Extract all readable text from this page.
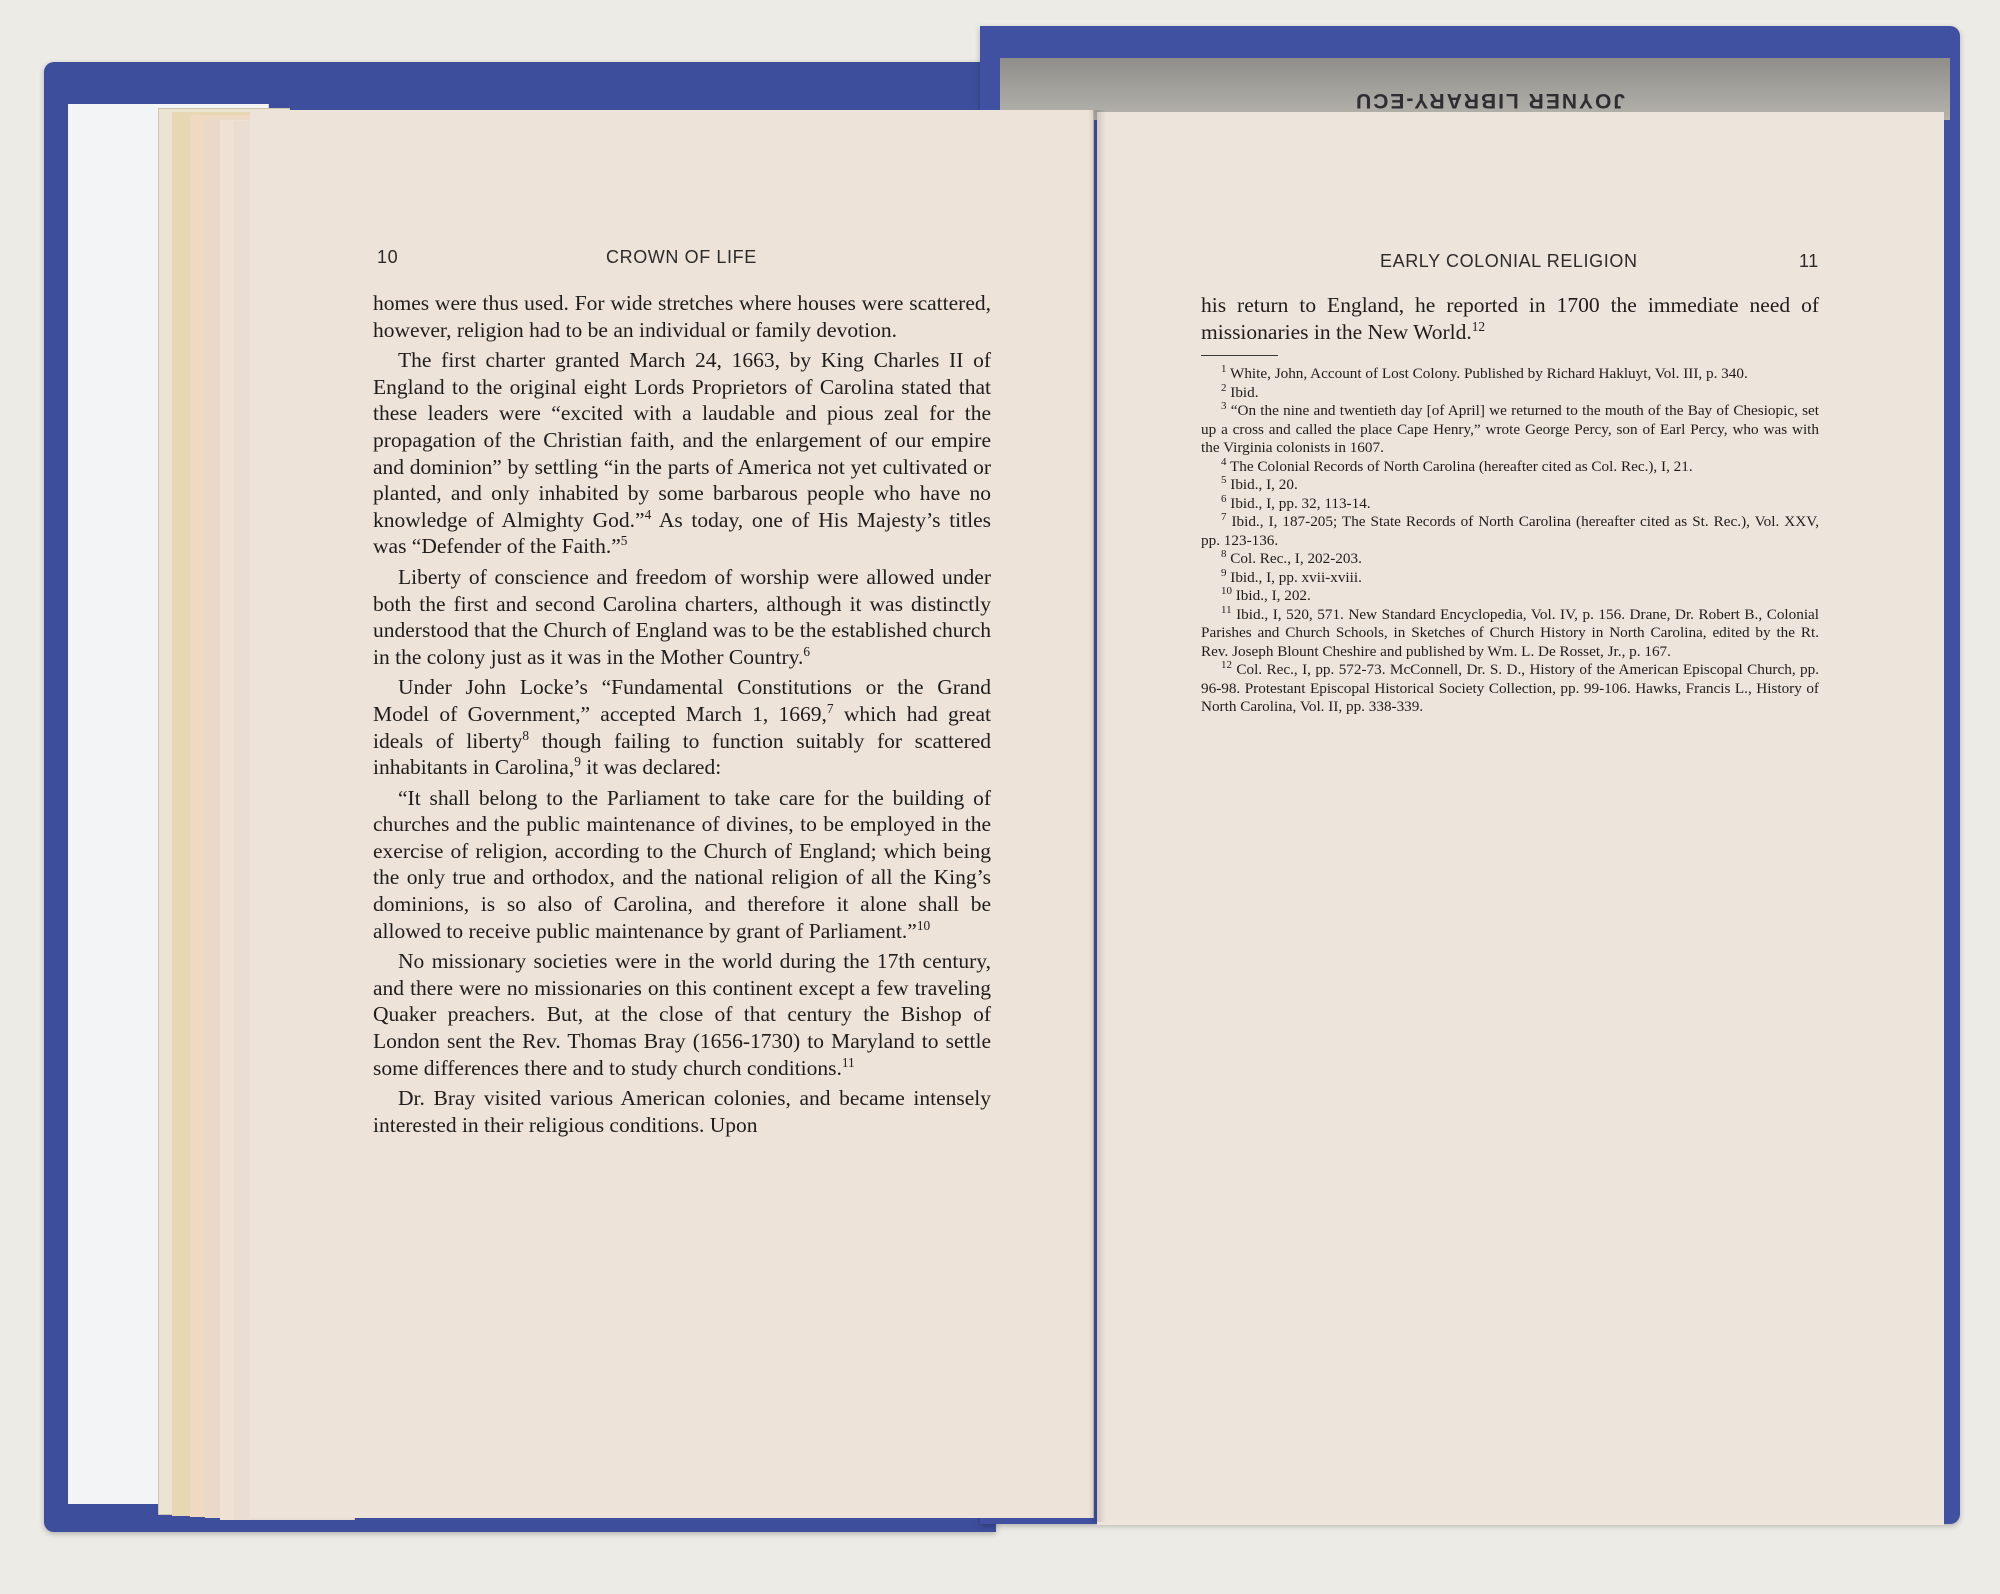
JOYNER LIBRARY-ECU
10	CROWN OF LIFE

homes were thus used. For wide stretches where houses were scattered, however, religion had to be an individual or family devotion.

The first charter granted March 24, 1663, by King Charles II of England to the original eight Lords Proprietors of Carolina stated that these leaders were “excited with a laudable and pious zeal for the propagation of the Christian faith, and the enlargement of our empire and dominion” by settling “in the parts of America not yet cultivated or planted, and only inhabited by some barbarous people who have no knowledge of Almighty God.”$^4$ As today, one of His Majesty’s titles was “Defender of the Faith.”$^5$

Liberty of conscience and freedom of worship were allowed under both the first and second Carolina charters, although it was distinctly understood that the Church of England was to be the established church in the colony just as it was in the Mother Country.$^6$

Under John Locke’s “Fundamental Constitutions or the Grand Model of Government,” accepted March 1, 1669,$^7$ which had great ideals of liberty$^8$ though failing to function suitably for scattered inhabitants in Carolina,$^9$ it was declared:

“It shall belong to the Parliament to take care for the building of churches and the public maintenance of divines, to be employed in the exercise of religion, according to the Church of England; which being the only true and orthodox, and the national religion of all the King’s dominions, is so also of Carolina, and therefore it alone shall be allowed to receive public maintenance by grant of Parliament.”$^{10}$

No missionary societies were in the world during the 17th century, and there were no missionaries on this continent except a few traveling Quaker preachers. But, at the close of that century the Bishop of London sent the Rev. Thomas Bray (1656-1730) to Maryland to settle some differences there and to study church conditions.$^{11}$

Dr. Bray visited various American colonies, and became intensely interested in their religious conditions. Upon

EARLY COLONIAL RELIGION	11
his return to England, he reported in 1700 the immediate need of missionaries in the New World.$^{12}$

$^1$ White, John, Account of Lost Colony. Published by Richard Hakluyt, Vol. III, p. 340.

$^2$ Ibid.

$^3$ “On the nine and twentieth day [of April] we returned to the mouth of the Bay of Chesiopic, set up a cross and called the place Cape Henry,” wrote George Percy, son of Earl Percy, who was with the Virginia colonists in 1607.

$^4$ The Colonial Records of North Carolina (hereafter cited as Col. Rec.), I, 21.

$^5$ Ibid., I, 20.

$^6$ Ibid., I, pp. 32, 113-14.

$^7$ Ibid., I, 187-205; The State Records of North Carolina (hereafter cited as St. Rec.), Vol. XXV, pp. 123-136.

$^8$ Col. Rec., I, 202-203.

$^9$ Ibid., I, pp. xvii-xviii.

$^{10}$ Ibid., I, 202.

$^{11}$ Ibid., I, 520, 571. New Standard Encyclopedia, Vol. IV, p. 156. Drane, Dr. Robert B., Colonial Parishes and Church Schools, in Sketches of Church History in North Carolina, edited by the Rt. Rev. Joseph Blount Cheshire and published by Wm. L. De Rosset, Jr., p. 167.

$^{12}$ Col. Rec., I, pp. 572-73. McConnell, Dr. S. D., History of the American Episcopal Church, pp. 96-98. Protestant Episcopal Historical Society Collection, pp. 99-106. Hawks, Francis L., History of North Carolina, Vol. II, pp. 338-339.
